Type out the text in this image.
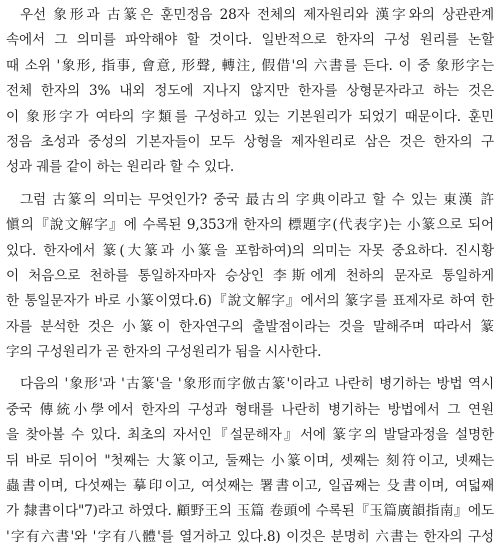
우선 象形과 古篆은 훈민정음 28자 전체의 제자원리와 漢字와의 상관관계
속에서 그 의미를 파악해야 할 것이다. 일반적으로 한자의 구성 원리를 논할
때 소위 '象形, 指事, 會意, 形聲, 轉注, 假借'의 六書를 든다. 이 중 象形字는
전체 한자의 3% 내외 정도에 지나지 않지만 한자를 상형문자라고 하는 것은
이 象形字가 여타의 字類를 구성하고 있는 기본원리가 되었기 때문이다. 훈민
정음 초성과 중성의 기본자들이 모두 상형을 제자원리로 삼은 것은 한자의 구
성과 궤를 같이 하는 원리라 할 수 있다.
그럼 古篆의 의미는 무엇인가? 중국 最古의 字典이라고 할 수 있는 東漢 許
愼의『說文解字』에 수록된 9,353개 한자의 標題字(代表字)는 小篆으로 되어
있다. 한자에서 篆(大篆과 小篆을 포함하여)의 의미는 자못 중요하다. 진시황
이 처음으로 천하를 통일하자마자 승상인 李斯에게 천하의 문자로 통일하게
한 통일문자가 바로 小篆이였다.6)『說文解字』에서의 篆字를 표제자로 하여 한
자를 분석한 것은 小篆이 한자연구의 출발점이라는 것을 말해주며 따라서 篆
字의 구성원리가 곧 한자의 구성원리가 됨을 시사한다.
다음의 '象形'과 '古篆'을 '象形而字倣古篆'이라고 나란히 병기하는 방법 역시
중국 傳統小學에서 한자의 구성과 형태를 나란히 병기하는 방법에서 그 연원
을 찾아볼 수 있다. 최초의 자서인『설문해자』서에 篆字의 발달과정을 설명한
뒤 바로 뒤이어 "첫째는 大篆이고, 둘째는 小篆이며, 셋째는 刻符이고, 넷째는
蟲書이며, 다섯째는 摹印이고, 여섯째는 署書이고, 일곱째는 殳書이며, 여덟째
가 隸書이다"7)라고 하였다. 顧野王의 玉篇 卷頭에 수록된『玉篇廣韻指南』에도
'字有六書'와 '字有八體'를 열거하고 있다.8) 이것은 분명히 六書는 한자의 구성
